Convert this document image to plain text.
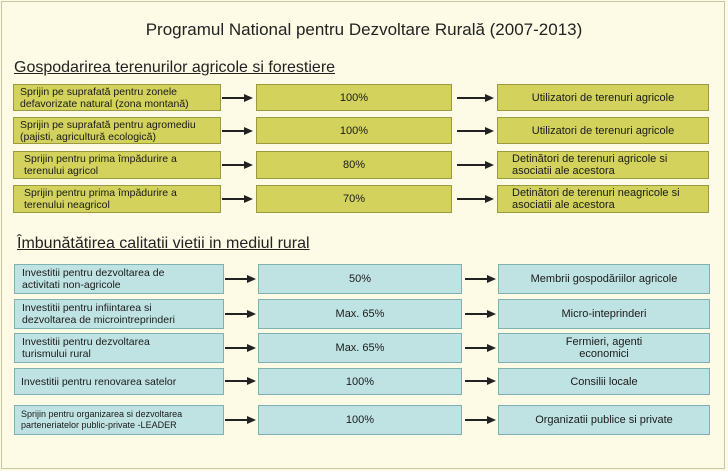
Programul National pentru Dezvoltare Rurală (2007-2013)
Gospodarirea terenurilor agricole si forestiere
Sprijin pe suprafată pentru zonele defavorizate natural (zona montană)	100%	Utilizatori de terenuri agricole
Sprijin pe suprafată pentru agromediu (pajisti, agricultură ecologică)	100%	Utilizatori de terenuri agricole
Sprijin pentru prima împădurire a terenului agricol	80%	Detinători de terenuri agricole si asociatii ale acestora
Sprijin pentru prima împădurire a terenului neagricol	70%	Detinători de terenuri neagricole si asociatii ale acestora
Îmbunătătirea calitatii vietii in mediul rural
Investitii pentru dezvoltarea de activitati non-agricole	50%	Membrii gospodăriilor agricole
Investitii pentru infiintarea si dezvoltarea de microintreprinderi	Max. 65%	Micro-inteprinderi
Investitii pentru dezvoltarea turismului rural	Max. 65%	Fermieri, agenti economici
Investitii pentru renovarea satelor	100%	Consilii locale
Sprijin pentru organizarea si dezvoltarea parteneriatelor public-private -LEADER	100%	Organizatii publice si private
